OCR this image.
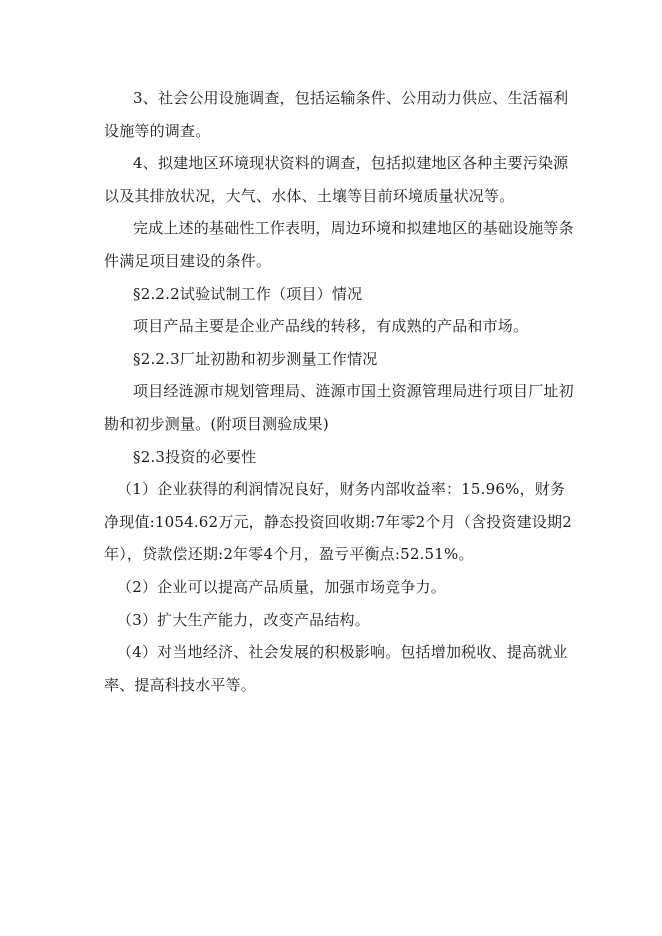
3、社会公用设施调查，包括运输条件、公用动力供应、生活福利设施等的调查。

4、拟建地区环境现状资料的调查，包括拟建地区各种主要污染源以及其排放状况，大气、水体、土壤等目前环境质量状况等。

完成上述的基础性工作表明，周边环境和拟建地区的基础设施等条件满足项目建设的条件。

§2.2.2试验试制工作（项目）情况

项目产品主要是企业产品线的转移，有成熟的产品和市场。

§2.2.3厂址初勘和初步测量工作情况

项目经涟源市规划管理局、涟源市国土资源管理局进行项目厂址初勘和初步测量。(附项目测验成果)

§2.3投资的必要性

（1）企业获得的利润情况良好，财务内部收益率：15.96%，财务净现值:1054.62万元，静态投资回收期:7年零2个月（含投资建设期2年），贷款偿还期:2年零4个月，盈亏平衡点:52.51%。

（2）企业可以提高产品质量，加强市场竞争力。

（3）扩大生产能力，改变产品结构。

（4）对当地经济、社会发展的积极影响。包括增加税收、提高就业率、提高科技水平等。
